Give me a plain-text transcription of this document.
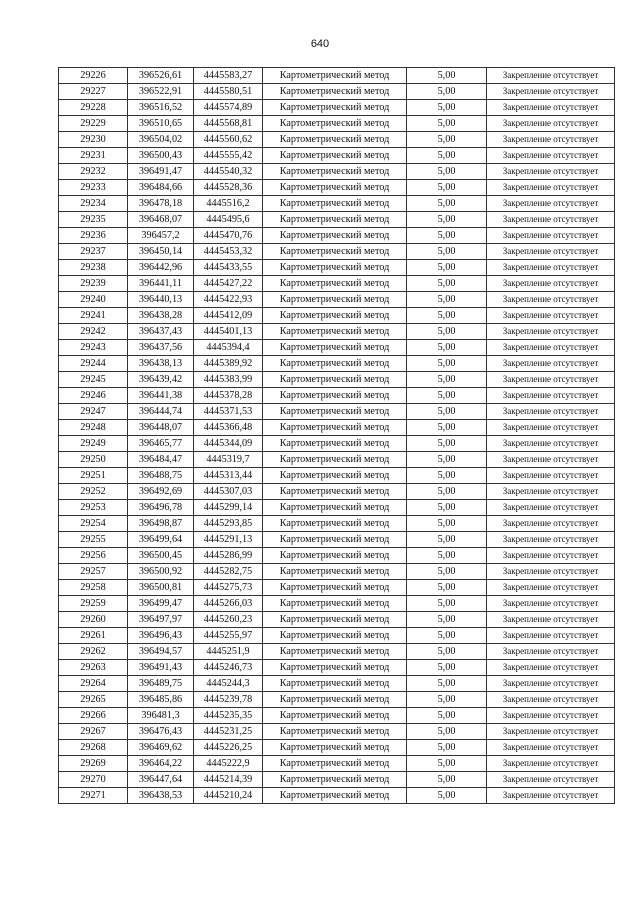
640
29226	396526,61	4445583,27	Картометрический метод	5,00	Закрепление отсутствует
29227	396522,91	4445580,51	Картометрический метод	5,00	Закрепление отсутствует
29228	396516,52	4445574,89	Картометрический метод	5,00	Закрепление отсутствует
29229	396510,65	4445568,81	Картометрический метод	5,00	Закрепление отсутствует
29230	396504,02	4445560,62	Картометрический метод	5,00	Закрепление отсутствует
29231	396500,43	4445555,42	Картометрический метод	5,00	Закрепление отсутствует
29232	396491,47	4445540,32	Картометрический метод	5,00	Закрепление отсутствует
29233	396484,66	4445528,36	Картометрический метод	5,00	Закрепление отсутствует
29234	396478,18	4445516,2	Картометрический метод	5,00	Закрепление отсутствует
29235	396468,07	4445495,6	Картометрический метод	5,00	Закрепление отсутствует
29236	396457,2	4445470,76	Картометрический метод	5,00	Закрепление отсутствует
29237	396450,14	4445453,32	Картометрический метод	5,00	Закрепление отсутствует
29238	396442,96	4445433,55	Картометрический метод	5,00	Закрепление отсутствует
29239	396441,11	4445427,22	Картометрический метод	5,00	Закрепление отсутствует
29240	396440,13	4445422,93	Картометрический метод	5,00	Закрепление отсутствует
29241	396438,28	4445412,09	Картометрический метод	5,00	Закрепление отсутствует
29242	396437,43	4445401,13	Картометрический метод	5,00	Закрепление отсутствует
29243	396437,56	4445394,4	Картометрический метод	5,00	Закрепление отсутствует
29244	396438,13	4445389,92	Картометрический метод	5,00	Закрепление отсутствует
29245	396439,42	4445383,99	Картометрический метод	5,00	Закрепление отсутствует
29246	396441,38	4445378,28	Картометрический метод	5,00	Закрепление отсутствует
29247	396444,74	4445371,53	Картометрический метод	5,00	Закрепление отсутствует
29248	396448,07	4445366,48	Картометрический метод	5,00	Закрепление отсутствует
29249	396465,77	4445344,09	Картометрический метод	5,00	Закрепление отсутствует
29250	396484,47	4445319,7	Картометрический метод	5,00	Закрепление отсутствует
29251	396488,75	4445313,44	Картометрический метод	5,00	Закрепление отсутствует
29252	396492,69	4445307,03	Картометрический метод	5,00	Закрепление отсутствует
29253	396496,78	4445299,14	Картометрический метод	5,00	Закрепление отсутствует
29254	396498,87	4445293,85	Картометрический метод	5,00	Закрепление отсутствует
29255	396499,64	4445291,13	Картометрический метод	5,00	Закрепление отсутствует
29256	396500,45	4445286,99	Картометрический метод	5,00	Закрепление отсутствует
29257	396500,92	4445282,75	Картометрический метод	5,00	Закрепление отсутствует
29258	396500,81	4445275,73	Картометрический метод	5,00	Закрепление отсутствует
29259	396499,47	4445266,03	Картометрический метод	5,00	Закрепление отсутствует
29260	396497,97	4445260,23	Картометрический метод	5,00	Закрепление отсутствует
29261	396496,43	4445255,97	Картометрический метод	5,00	Закрепление отсутствует
29262	396494,57	4445251,9	Картометрический метод	5,00	Закрепление отсутствует
29263	396491,43	4445246,73	Картометрический метод	5,00	Закрепление отсутствует
29264	396489,75	4445244,3	Картометрический метод	5,00	Закрепление отсутствует
29265	396485,86	4445239,78	Картометрический метод	5,00	Закрепление отсутствует
29266	396481,3	4445235,35	Картометрический метод	5,00	Закрепление отсутствует
29267	396476,43	4445231,25	Картометрический метод	5,00	Закрепление отсутствует
29268	396469,62	4445226,25	Картометрический метод	5,00	Закрепление отсутствует
29269	396464,22	4445222,9	Картометрический метод	5,00	Закрепление отсутствует
29270	396447,64	4445214,39	Картометрический метод	5,00	Закрепление отсутствует
29271	396438,53	4445210,24	Картометрический метод	5,00	Закрепление отсутствует
